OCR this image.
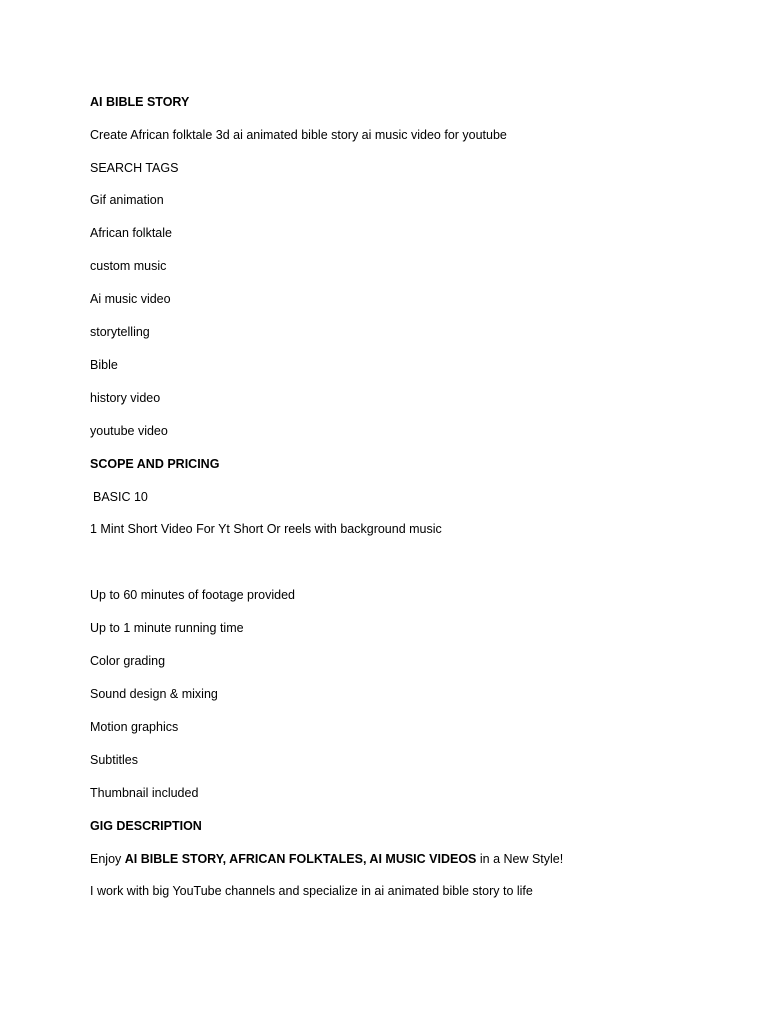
AI BIBLE STORY
Create African folktale 3d ai animated bible story ai music video for youtube
SEARCH TAGS
Gif animation
African folktale
custom music
Ai music video
storytelling
Bible
history video
youtube video
SCOPE AND PRICING
BASIC 10
1 Mint Short Video For Yt Short Or reels with background music
Up to 60 minutes of footage provided
Up to 1 minute running time
Color grading
Sound design & mixing
Motion graphics
Subtitles
Thumbnail included
GIG DESCRIPTION
Enjoy AI BIBLE STORY, AFRICAN FOLKTALES, AI MUSIC VIDEOS in a New Style!
I work with big YouTube channels and specialize in ai animated bible story to life
